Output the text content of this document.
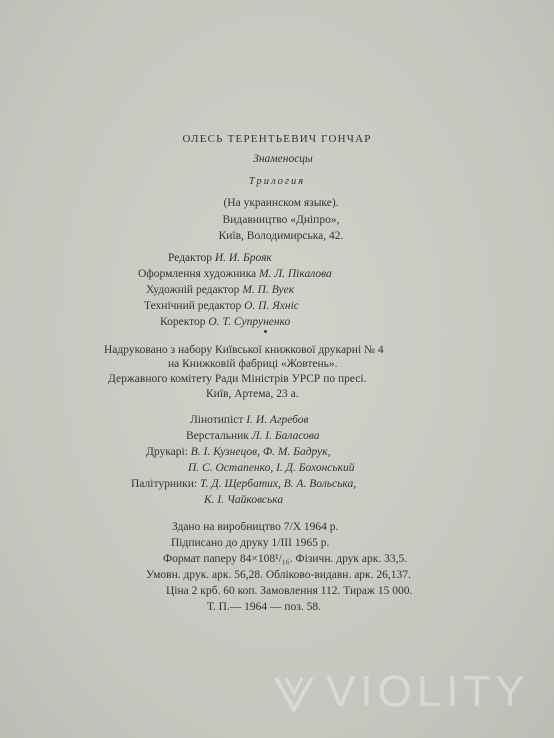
ОЛЕСЬ ТЕРЕНТЬЕВИЧ ГОНЧАР
Знаменосцы
Трилогия
(На украинском языке).
Видавництво «Дніпро»,
Київ, Володимирська, 42.
Редактор И. И. Брояк
Оформлення художника М. Л. Пікалова
Художній редактор М. П. Вуек
Технічний редактор О. П. Яхніс
Коректор О. Т. Супруненко
Надруковано з набору Київської книжкової друкарні № 4
на Книжковій фабриці «Жовтень».
Державного комітету Ради Міністрів УРСР по пресі.
Київ, Артема, 23 а.
Лінотипіст І. И. Агребов
Верстальник Л. І. Баласова
Друкарі: В. І. Кузнецов, Ф. М. Бадрук,
П. С. Остапенко, І. Д. Бохонський
Палітурники: Т. Д. Щербатих, В. А. Вольська,
К. І. Чайковська
Здано на виробництво 7/Х 1964 р.
Підписано до друку 1/ІІІ 1965 р.
Формат паперу 84×108¹/₁₆. Фізичн. друк арк. 33,5.
Умовн. друк. арк. 56,28. Обліково-видавн. арк. 26,137.
Ціна 2 крб. 60 коп. Замовлення 112. Тираж 15 000.
Т. П.— 1964 — поз. 58.
VIOLITY
